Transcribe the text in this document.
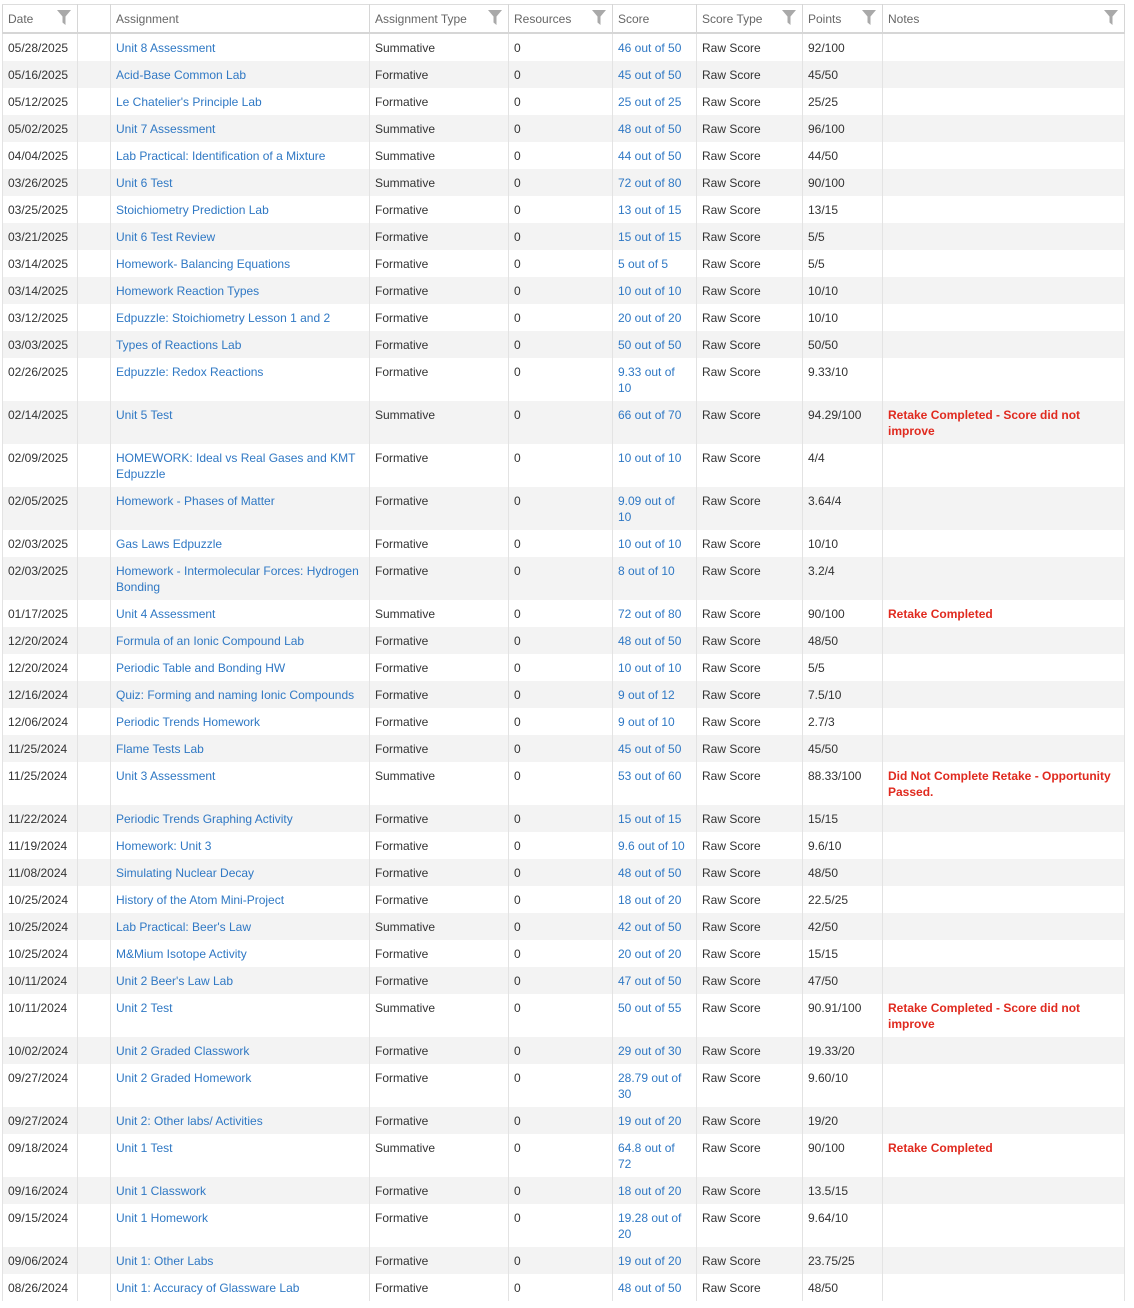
Date		Assignment	Assignment Type	Resources	Score	Score Type	Points	Notes

05/28/2025		Unit 8 Assessment	Summative	0	46 out of 50	Raw Score	92/100	
05/16/2025		Acid-Base Common Lab	Formative	0	45 out of 50	Raw Score	45/50	
05/12/2025		Le Chatelier's Principle Lab	Formative	0	25 out of 25	Raw Score	25/25	
05/02/2025		Unit 7 Assessment	Summative	0	48 out of 50	Raw Score	96/100	
04/04/2025		Lab Practical: Identification of a Mixture	Summative	0	44 out of 50	Raw Score	44/50	
03/26/2025		Unit 6 Test	Summative	0	72 out of 80	Raw Score	90/100	
03/25/2025		Stoichiometry Prediction Lab	Formative	0	13 out of 15	Raw Score	13/15	
03/21/2025		Unit 6 Test Review	Formative	0	15 out of 15	Raw Score	5/5	
03/14/2025		Homework- Balancing Equations	Formative	0	5 out of 5	Raw Score	5/5	
03/14/2025		Homework Reaction Types	Formative	0	10 out of 10	Raw Score	10/10	
03/12/2025		Edpuzzle: Stoichiometry Lesson 1 and 2	Formative	0	20 out of 20	Raw Score	10/10	
03/03/2025		Types of Reactions Lab	Formative	0	50 out of 50	Raw Score	50/50	
02/26/2025		Edpuzzle: Redox Reactions	Formative	0	9.33 out of 10	Raw Score	9.33/10	
02/14/2025		Unit 5 Test	Summative	0	66 out of 70	Raw Score	94.29/100	Retake Completed - Score did not improve
02/09/2025		HOMEWORK: Ideal vs Real Gases and KMT Edpuzzle	Formative	0	10 out of 10	Raw Score	4/4	
02/05/2025		Homework - Phases of Matter	Formative	0	9.09 out of 10	Raw Score	3.64/4	
02/03/2025		Gas Laws Edpuzzle	Formative	0	10 out of 10	Raw Score	10/10	
02/03/2025		Homework - Intermolecular Forces: Hydrogen Bonding	Formative	0	8 out of 10	Raw Score	3.2/4	
01/17/2025		Unit 4 Assessment	Summative	0	72 out of 80	Raw Score	90/100	Retake Completed
12/20/2024		Formula of an Ionic Compound Lab	Formative	0	48 out of 50	Raw Score	48/50	
12/20/2024		Periodic Table and Bonding HW	Formative	0	10 out of 10	Raw Score	5/5	
12/16/2024		Quiz: Forming and naming Ionic Compounds	Formative	0	9 out of 12	Raw Score	7.5/10	
12/06/2024		Periodic Trends Homework	Formative	0	9 out of 10	Raw Score	2.7/3	
11/25/2024		Flame Tests Lab	Formative	0	45 out of 50	Raw Score	45/50	
11/25/2024		Unit 3 Assessment	Summative	0	53 out of 60	Raw Score	88.33/100	Did Not Complete Retake - Opportunity Passed.
11/22/2024		Periodic Trends Graphing Activity	Formative	0	15 out of 15	Raw Score	15/15	
11/19/2024		Homework: Unit 3	Formative	0	9.6 out of 10	Raw Score	9.6/10	
11/08/2024		Simulating Nuclear Decay	Formative	0	48 out of 50	Raw Score	48/50	
10/25/2024		History of the Atom Mini-Project	Formative	0	18 out of 20	Raw Score	22.5/25	
10/25/2024		Lab Practical: Beer's Law	Summative	0	42 out of 50	Raw Score	42/50	
10/25/2024		M&Mium Isotope Activity	Formative	0	20 out of 20	Raw Score	15/15	
10/11/2024		Unit 2 Beer's Law Lab	Formative	0	47 out of 50	Raw Score	47/50	
10/11/2024		Unit 2 Test	Summative	0	50 out of 55	Raw Score	90.91/100	Retake Completed - Score did not improve
10/02/2024		Unit 2 Graded Classwork	Formative	0	29 out of 30	Raw Score	19.33/20	
09/27/2024		Unit 2 Graded Homework	Formative	0	28.79 out of 30	Raw Score	9.60/10	
09/27/2024		Unit 2: Other labs/ Activities	Formative	0	19 out of 20	Raw Score	19/20	
09/18/2024		Unit 1 Test	Summative	0	64.8 out of 72	Raw Score	90/100	Retake Completed
09/16/2024		Unit 1 Classwork	Formative	0	18 out of 20	Raw Score	13.5/15	
09/15/2024		Unit 1 Homework	Formative	0	19.28 out of 20	Raw Score	9.64/10	
09/06/2024		Unit 1: Other Labs	Formative	0	19 out of 20	Raw Score	23.75/25	
08/26/2024		Unit 1: Accuracy of Glassware Lab	Formative	0	48 out of 50	Raw Score	48/50	
